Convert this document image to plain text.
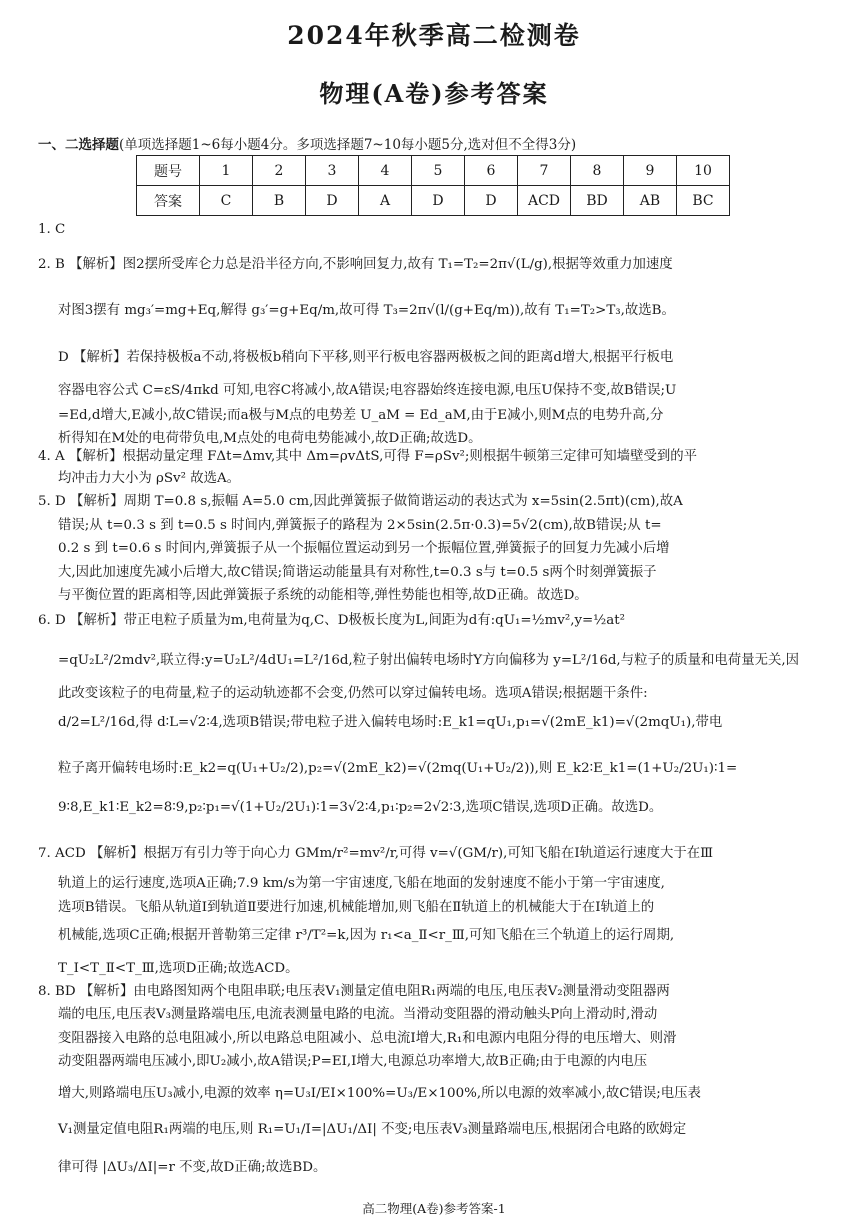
2024年秋季高二检测卷
物理(A卷)参考答案
一、二选择题(单项选择题1~6每小题4分。多项选择题7~10每小题5分,选对但不全得3分)
题号	1	2	3	4	5	6	7	8	9	10
答案	C	B	D	A	D	D	ACD	BD	AB	BC
1. C
2. B 【解析】图2摆所受库仑力总是沿半径方向,不影响回复力,故有 T₁=T₂=2π√(L/g),根据等效重力加速度
对图3摆有 mg₃′=mg+Eq,解得 g₃′=g+Eq/m,故可得 T₃=2π√(l/(g+Eq/m)),故有 T₁=T₂>T₃,故选B。
D 【解析】若保持极板a不动,将极板b稍向下平移,则平行板电容器两极板之间的距离d增大,根据平行板电
容器电容公式 C=εS/4πkd 可知,电容C将减小,故A错误;电容器始终连接电源,电压U保持不变,故B错误;U
=Ed,d增大,E减小,故C错误;而a极与M点的电势差 U_aM = Ed_aM,由于E减小,则M点的电势升高,分
析得知在M处的电荷带负电,M点处的电荷电势能减小,故D正确;故选D。
4. A 【解析】根据动量定理 FΔt=Δmv,其中 Δm=ρvΔtS,可得 F=ρSv²;则根据牛顿第三定律可知墙壁受到的平
均冲击力大小为 ρSv² 故选A。
5. D 【解析】周期 T=0.8 s,振幅 A=5.0 cm,因此弹簧振子做简谐运动的表达式为 x=5sin(2.5πt)(cm),故A
错误;从 t=0.3 s 到 t=0.5 s 时间内,弹簧振子的路程为 2×5sin(2.5π·0.3)=5√2(cm),故B错误;从 t=
0.2 s 到 t=0.6 s 时间内,弹簧振子从一个振幅位置运动到另一个振幅位置,弹簧振子的回复力先减小后增
大,因此加速度先减小后增大,故C错误;简谐运动能量具有对称性,t=0.3 s与 t=0.5 s两个时刻弹簧振子
与平衡位置的距离相等,因此弹簧振子系统的动能相等,弹性势能也相等,故D正确。故选D。
6. D 【解析】带正电粒子质量为m,电荷量为q,C、D极板长度为L,间距为d有:qU₁=½mv²,y=½at²
=qU₂L²/2mdv²,联立得:y=U₂L²/4dU₁=L²/16d,粒子射出偏转电场时Y方向偏移为 y=L²/16d,与粒子的质量和电荷量无关,因
此改变该粒子的电荷量,粒子的运动轨迹都不会变,仍然可以穿过偏转电场。选项A错误;根据题干条件:
d/2=L²/16d,得 d∶L=√2∶4,选项B错误;带电粒子进入偏转电场时:E_k1=qU₁,p₁=√(2mE_k1)=√(2mqU₁),带电
粒子离开偏转电场时:E_k2=q(U₁+U₂/2),p₂=√(2mE_k2)=√(2mq(U₁+U₂/2)),则 E_k2∶E_k1=(1+U₂/2U₁)∶1=
9∶8,E_k1∶E_k2=8∶9,p₂∶p₁=√(1+U₂/2U₁)∶1=3√2∶4,p₁∶p₂=2√2∶3,选项C错误,选项D正确。故选D。
7. ACD 【解析】根据万有引力等于向心力 GMm/r²=mv²/r,可得 v=√(GM/r),可知飞船在Ⅰ轨道运行速度大于在Ⅲ
轨道上的运行速度,选项A正确;7.9 km/s为第一宇宙速度,飞船在地面的发射速度不能小于第一宇宙速度,
选项B错误。飞船从轨道Ⅰ到轨道Ⅱ要进行加速,机械能增加,则飞船在Ⅱ轨道上的机械能大于在Ⅰ轨道上的
机械能,选项C正确;根据开普勒第三定律 r³/T²=k,因为 r₁<a_Ⅱ<r_Ⅲ,可知飞船在三个轨道上的运行周期,
T_Ⅰ<T_Ⅱ<T_Ⅲ,选项D正确;故选ACD。
8. BD 【解析】由电路图知两个电阻串联;电压表V₁测量定值电阻R₁两端的电压,电压表V₂测量滑动变阻器两
端的电压,电压表V₃测量路端电压,电流表测量电路的电流。当滑动变阻器的滑动触头P向上滑动时,滑动
变阻器接入电路的总电阻减小,所以电路总电阻减小、总电流I增大,R₁和电源内电阻分得的电压增大、则滑
动变阻器两端电压减小,即U₂减小,故A错误;P=EI,I增大,电源总功率增大,故B正确;由于电源的内电压
增大,则路端电压U₃减小,电源的效率 η=U₃I/EI×100%=U₃/E×100%,所以电源的效率减小,故C错误;电压表
V₁测量定值电阻R₁两端的电压,则 R₁=U₁/I=|ΔU₁/ΔI| 不变;电压表V₃测量路端电压,根据闭合电路的欧姆定
律可得 |ΔU₃/ΔI|=r 不变,故D正确;故选BD。
高二物理(A卷)参考答案-1
